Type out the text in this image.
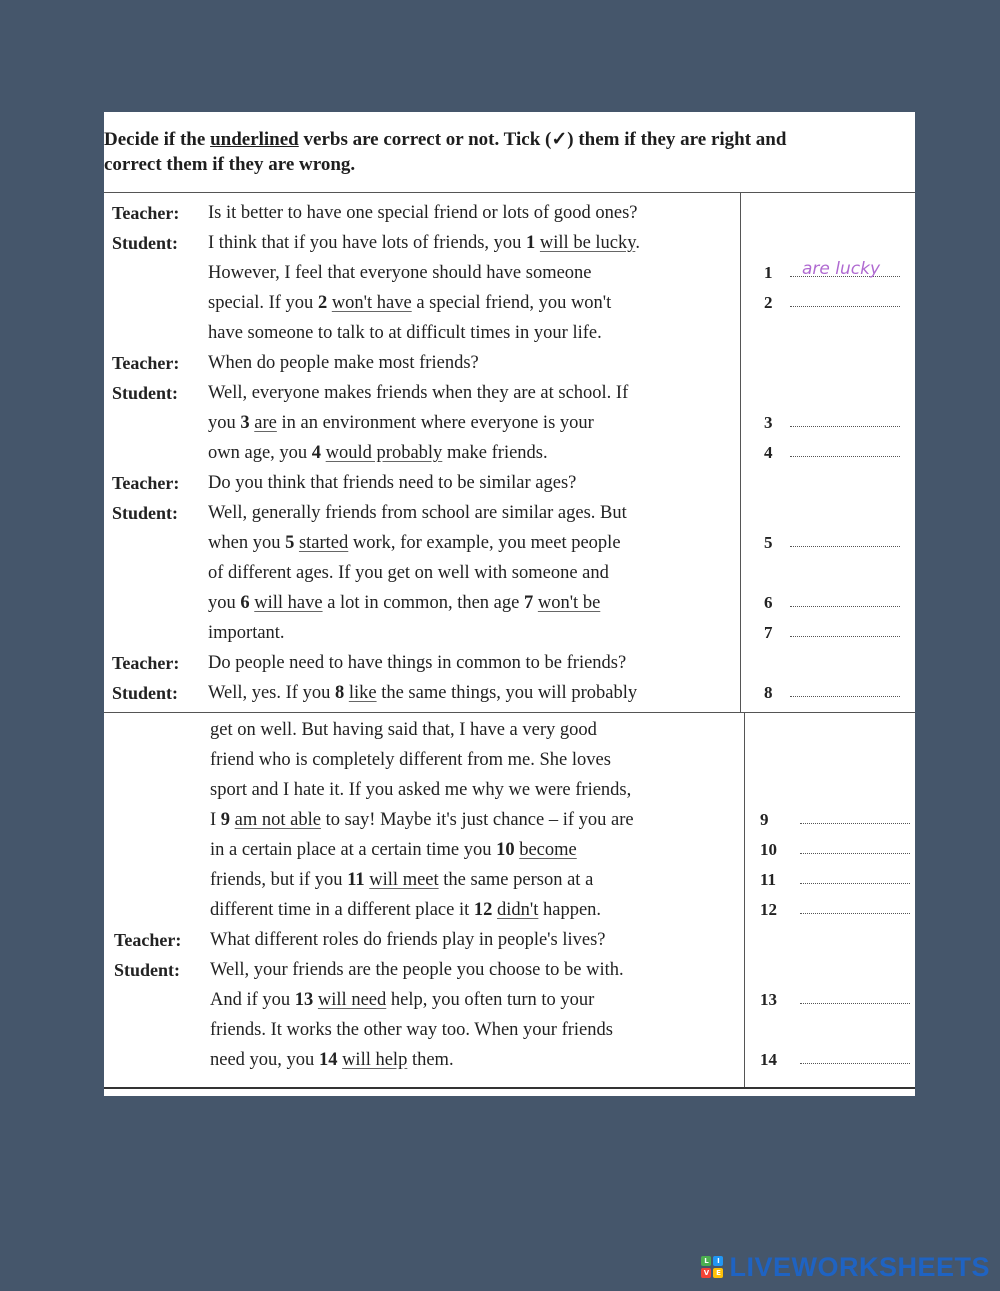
Decide if the underlined verbs are correct or not. Tick (✓) them if they are right and
correct them if they are wrong.
Teacher: Is it better to have one special friend or lots of good ones?
Student: I think that if you have lots of friends, you 1 will be lucky.
However, I feel that everyone should have someone	1 are lucky
special. If you 2 won't have a special friend, you won't	2
have someone to talk to at difficult times in your life.
Teacher: When do people make most friends?
Student: Well, everyone makes friends when they are at school. If
you 3 are in an environment where everyone is your	3
own age, you 4 would probably make friends.	4
Teacher: Do you think that friends need to be similar ages?
Student: Well, generally friends from school are similar ages. But
when you 5 started work, for example, you meet people	5
of different ages. If you get on well with someone and
you 6 will have a lot in common, then age 7 won't be	6
important.	7
Teacher: Do people need to have things in common to be friends?
Student: Well, yes. If you 8 like the same things, you will probably	8
get on well. But having said that, I have a very good
friend who is completely different from me. She loves
sport and I hate it. If you asked me why we were friends,
I 9 am not able to say! Maybe it's just chance – if you are	9
in a certain place at a certain time you 10 become	10
friends, but if you 11 will meet the same person at a	11
different time in a different place it 12 didn't happen.	12
Teacher: What different roles do friends play in people's lives?
Student: Well, your friends are the people you choose to be with.
And if you 13 will need help, you often turn to your	13
friends. It works the other way too. When your friends
need you, you 14 will help them.	14
L	I
V E LIVEWORKSHEETS
